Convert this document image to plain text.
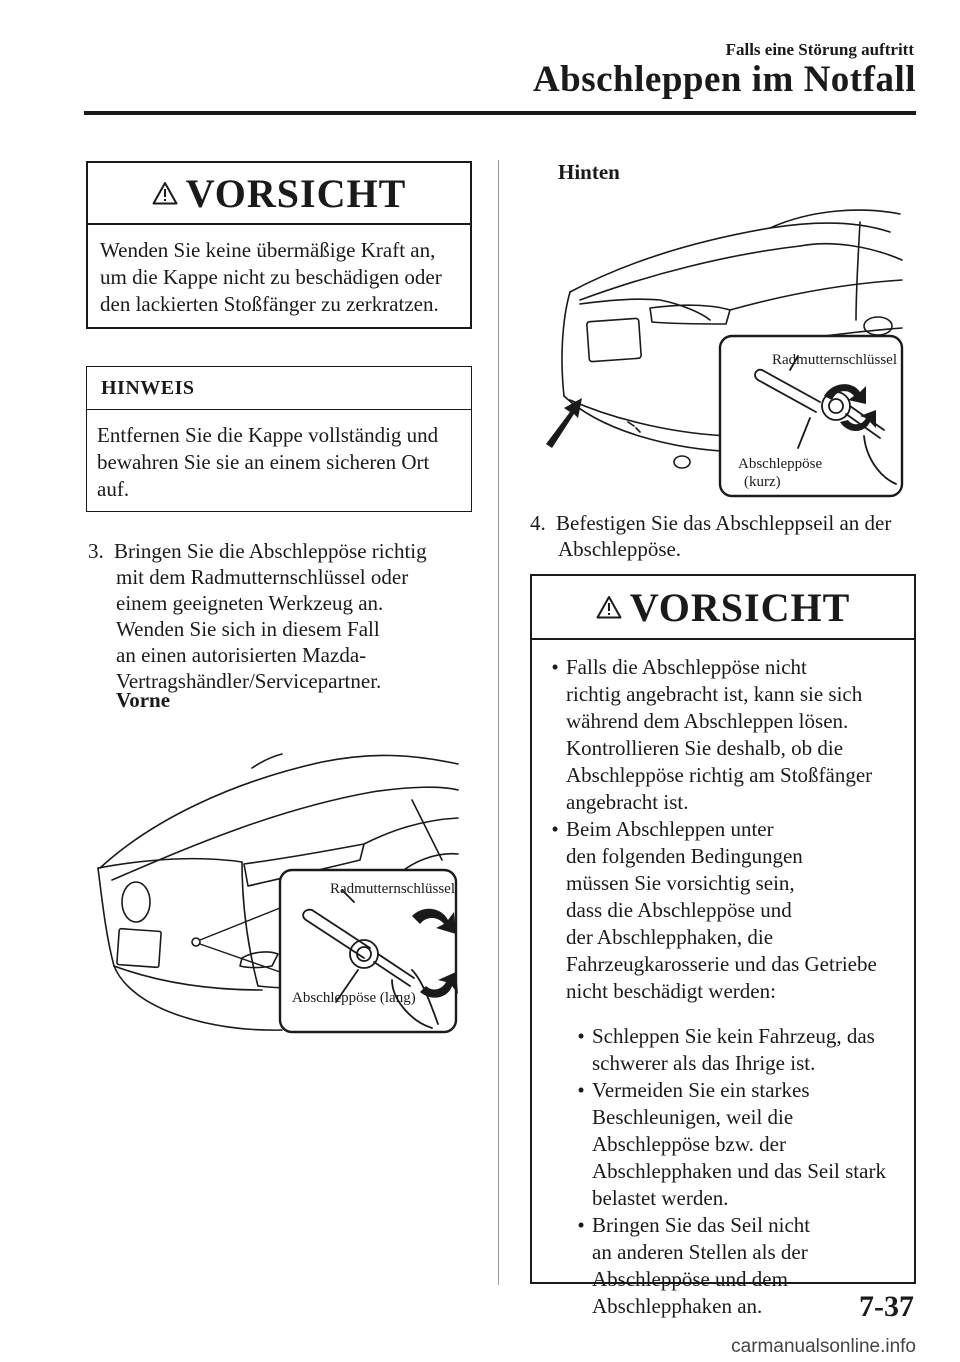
Falls eine Störung auftritt
Abschleppen im Notfall
VORSICHT
Wenden Sie keine übermäßige Kraft an,
um die Kappe nicht zu beschädigen oder
den lackierten Stoßfänger zu zerkratzen.
HINWEIS
Entfernen Sie die Kappe vollständig und
bewahren Sie sie an einem sicheren Ort
auf.
3. Bringen Sie die Abschleppöse richtig
mit dem Radmutternschlüssel oder
einem geeigneten Werkzeug an.
Wenden Sie sich in diesem Fall
an einen autorisierten Mazda-
Vertragshändler/Servicepartner.
Vorne
Radmutternschlüssel
Abschleppöse (lang)
Hinten
Radmutternschlüssel
Abschleppöse
(kurz)
4. Befestigen Sie das Abschleppseil an der
Abschleppöse.
VORSICHT
• Falls die Abschleppöse nicht
richtig angebracht ist, kann sie sich
während dem Abschleppen lösen.
Kontrollieren Sie deshalb, ob die
Abschleppöse richtig am Stoßfänger
angebracht ist.
• Beim Abschleppen unter
den folgenden Bedingungen
müssen Sie vorsichtig sein,
dass die Abschleppöse und
der Abschlepphaken, die
Fahrzeugkarosserie und das Getriebe
nicht beschädigt werden:
• Schleppen Sie kein Fahrzeug, das
schwerer als das Ihrige ist.
• Vermeiden Sie ein starkes
Beschleunigen, weil die
Abschleppöse bzw. der
Abschlepphaken und das Seil stark
belastet werden.
• Bringen Sie das Seil nicht
an anderen Stellen als der
Abschleppöse und dem
Abschlepphaken an.	7-37
carmanualsonline.info
